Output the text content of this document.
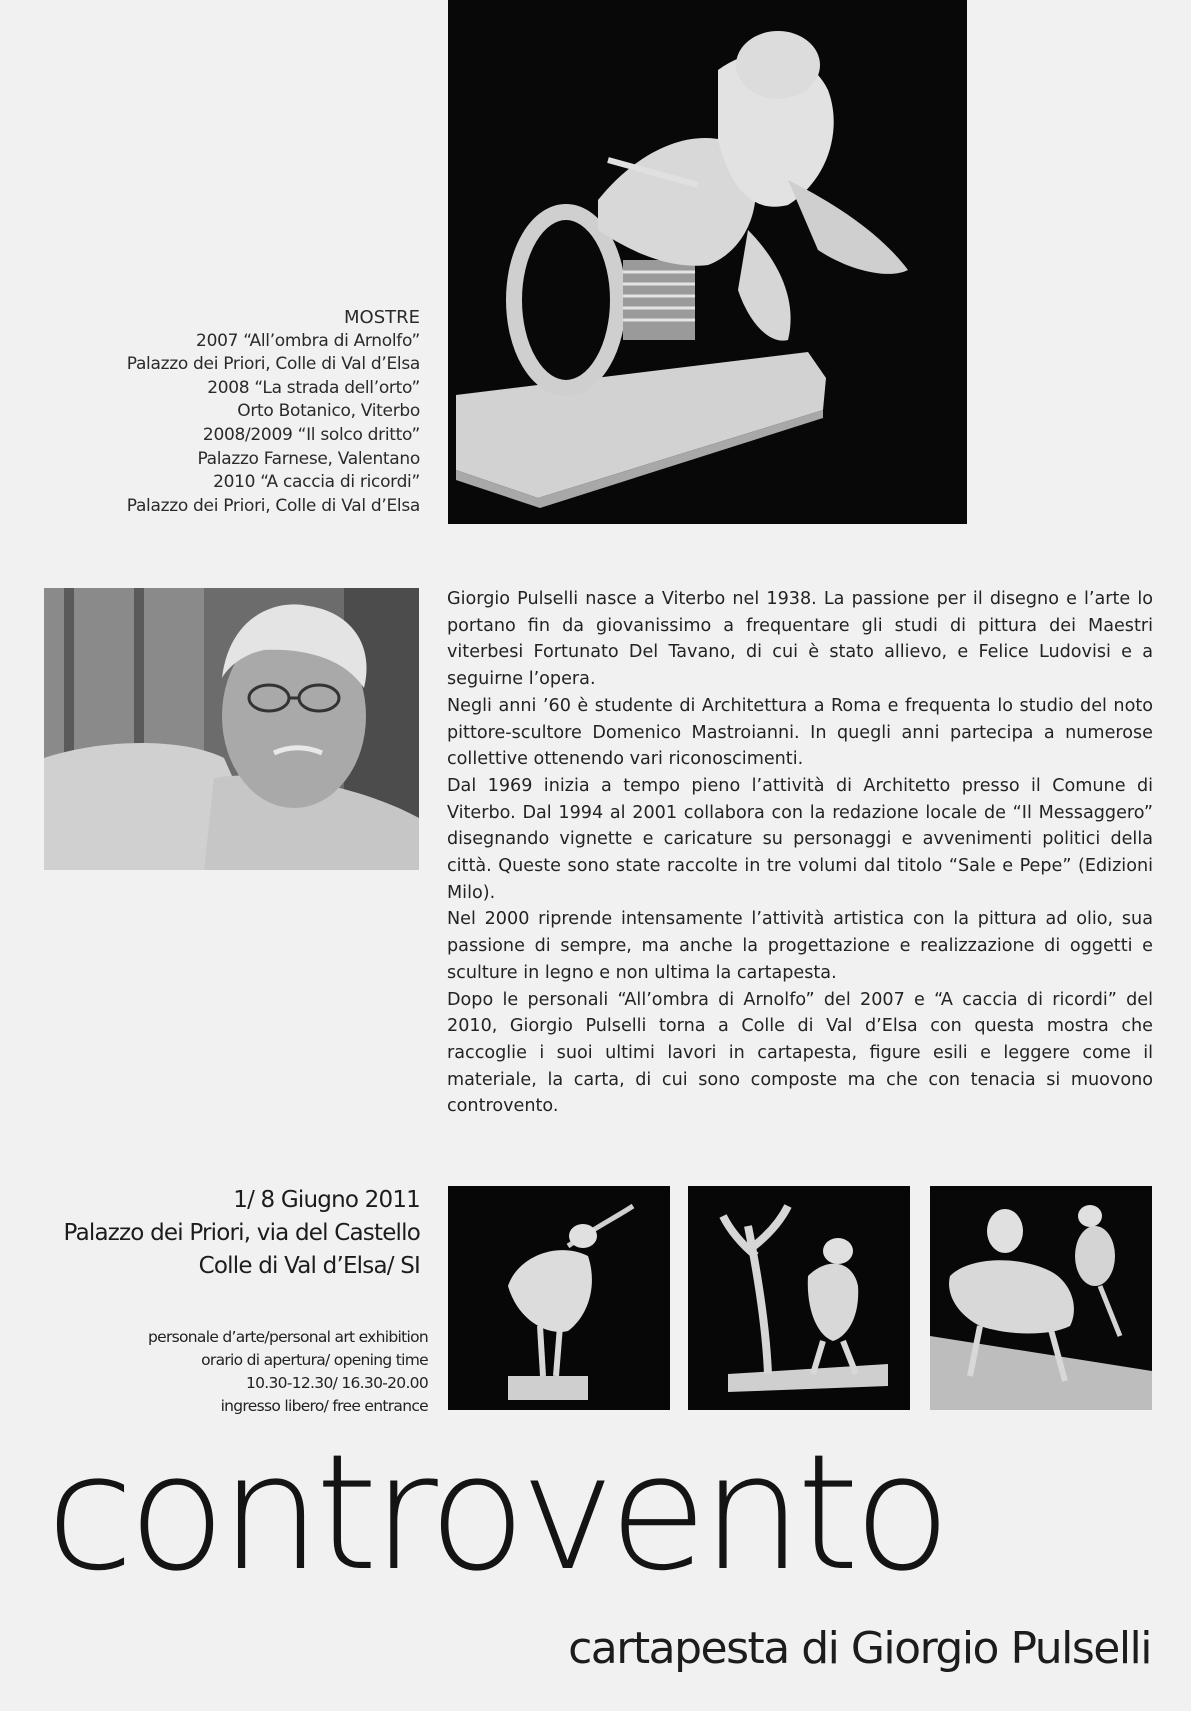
MOSTRE
2007 “All’ombra di Arnolfo”
Palazzo dei Priori, Colle di Val d’Elsa
2008 “La strada dell’orto”
Orto Botanico, Viterbo
2008/2009 “Il solco dritto”
Palazzo Farnese, Valentano
2010 “A caccia di ricordi”
Palazzo dei Priori, Colle di Val d’Elsa

Giorgio Pulselli nasce a Viterbo nel 1938. La passione per il disegno e l’arte lo portano fin da giovanissimo a frequentare gli studi di pittura dei Maestri viterbesi Fortunato Del Tavano, di cui è stato allievo, e Felice Ludovisi e a seguirne l’opera.

Negli anni ’60 è studente di Architettura a Roma e frequenta lo studio del noto pittore-scultore Domenico Mastroianni. In quegli anni partecipa a numerose collettive ottenendo vari riconoscimenti.

Dal 1969 inizia a tempo pieno l’attività di Architetto presso il Comune di Viterbo. Dal 1994 al 2001 collabora con la redazione locale de “Il Messaggero” disegnando vignette e caricature su personaggi e avvenimenti politici della città. Queste sono state raccolte in tre volumi dal titolo “Sale e Pepe” (Edizioni Milo).

Nel 2000 riprende intensamente l’attività artistica con la pittura ad olio, sua passione di sempre, ma anche la progettazione e realizzazione di oggetti e sculture in legno e non ultima la cartapesta.

Dopo le personali “All’ombra di Arnolfo” del 2007 e “A caccia di ricordi” del 2010, Giorgio Pulselli torna a Colle di Val d’Elsa con questa mostra che raccoglie i suoi ultimi lavori in cartapesta, figure esili e leggere come il materiale, la carta, di cui sono composte ma che con tenacia si muovono controvento.

1/ 8 Giugno 2011
Palazzo dei Priori, via del Castello
Colle di Val d’Elsa/ SI
personale d’arte/personal art exhibition
orario di apertura/ opening time
10.30-12.30/ 16.30-20.00
ingresso libero/ free entrance
controvento
cartapesta di Giorgio Pulselli
